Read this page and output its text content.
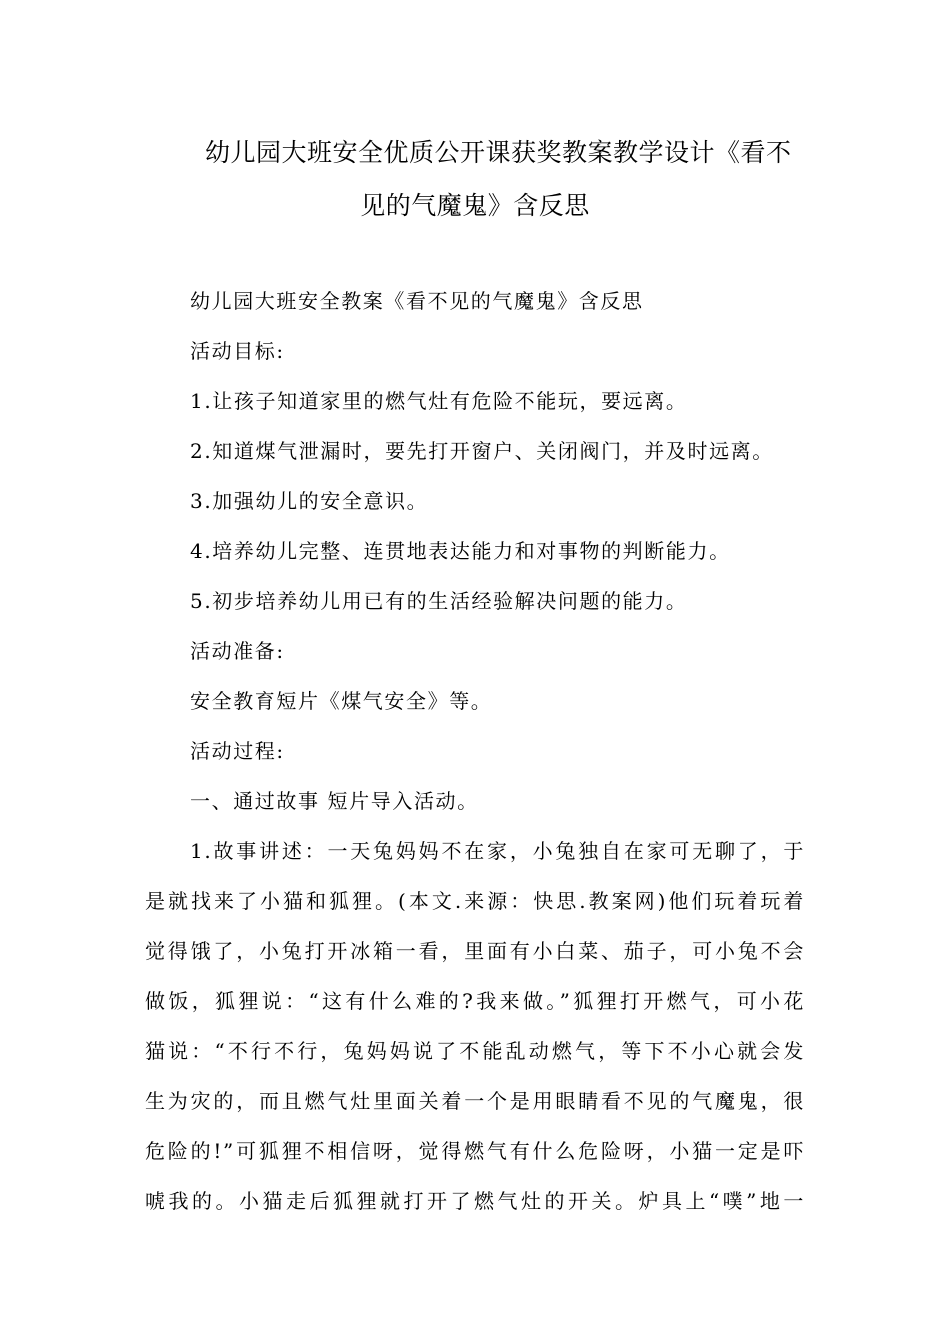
幼儿园大班安全优质公开课获奖教案教学设计《看不
见的气魔鬼》含反思
幼儿园大班安全教案《看不见的气魔鬼》含反思
活动目标:
1.让孩子知道家里的燃气灶有危险不能玩，要远离。
2.知道煤气泄漏时，要先打开窗户、关闭阀门，并及时远离。
3.加强幼儿的安全意识。
4.培养幼儿完整、连贯地表达能力和对事物的判断能力。
5.初步培养幼儿用已有的生活经验解决问题的能力。
活动准备:
安全教育短片《煤气安全》等。
活动过程:
一、通过故事 短片导入活动。
1.故事讲述：一天兔妈妈不在家，小兔独自在家可无聊了，于
是就找来了小猫和狐狸。(本文.来源：快思.教案网)他们玩着玩着
觉得饿了，小兔打开冰箱一看，里面有小白菜、茄子，可小兔不会
做饭，狐狸说：“这有什么难的?我来做。”狐狸打开燃气，可小花
猫说：“不行不行，兔妈妈说了不能乱动燃气，等下不小心就会发
生为灾的，而且燃气灶里面关着一个是用眼睛看不见的气魔鬼，很
危险的!”可狐狸不相信呀，觉得燃气有什么危险呀，小猫一定是吓
唬我的。小猫走后狐狸就打开了燃气灶的开关。炉具上“噗”地一
